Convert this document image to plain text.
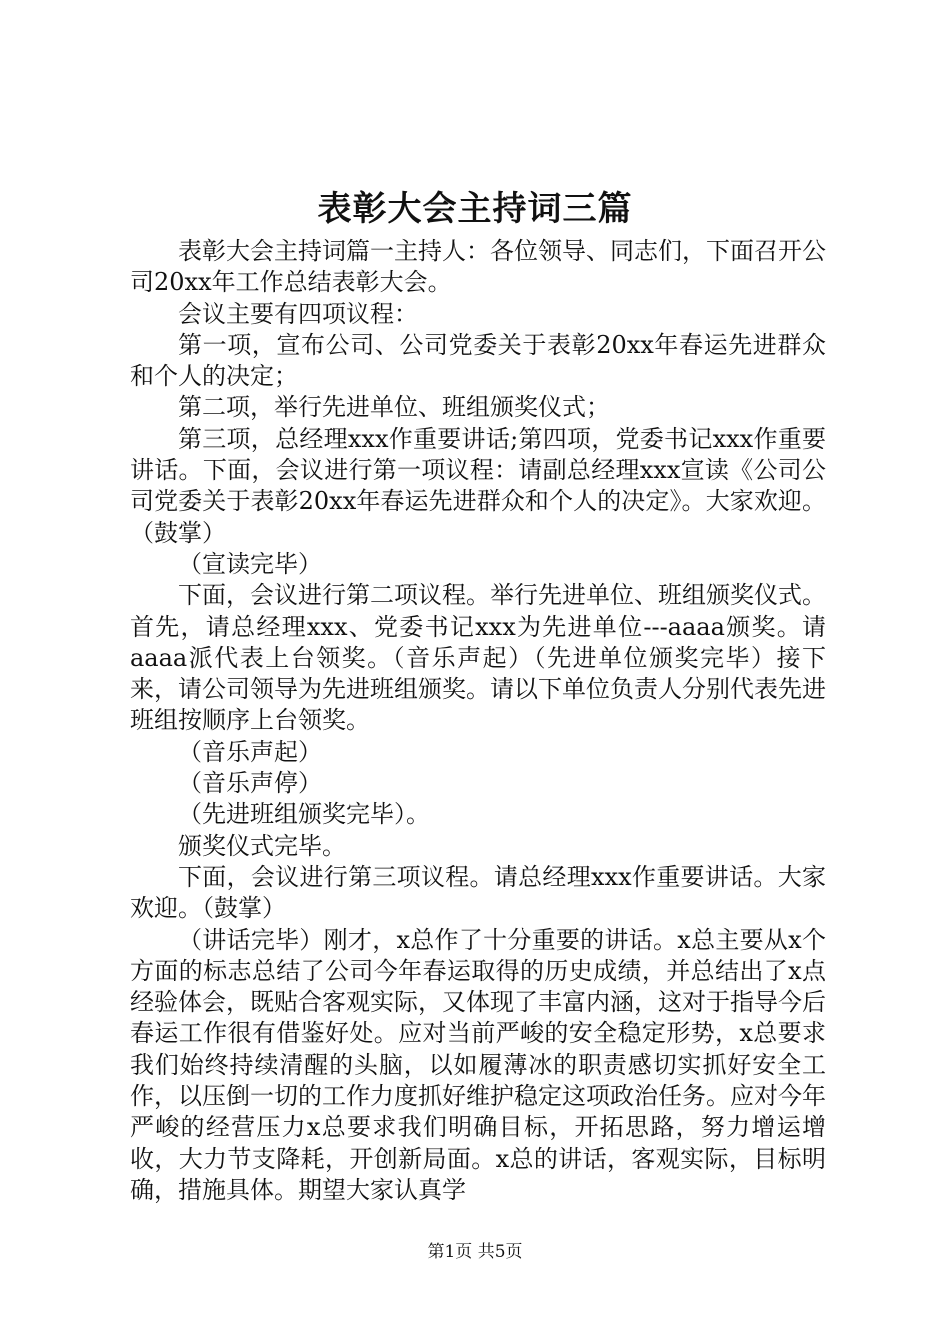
表彰大会主持词三篇

表彰大会主持词篇一主持人：各位领导、同志们，下面召开公司20xx年工作总结表彰大会。

会议主要有四项议程：

第一项，宣布公司、公司党委关于表彰20xx年春运先进群众和个人的决定；

第二项，举行先进单位、班组颁奖仪式；

第三项，总经理xxx作重要讲话;第四项，党委书记xxx作重要讲话。下面，会议进行第一项议程：请副总经理xxx宣读《公司公司党委关于表彰20xx年春运先进群众和个人的决定》。大家欢迎。（鼓掌）

（宣读完毕）

下面，会议进行第二项议程。举行先进单位、班组颁奖仪式。首先，请总经理xxx、党委书记xxx为先进单位---aaaa颁奖。请aaaa派代表上台领奖。（音乐声起）（先进单位颁奖完毕）接下来，请公司领导为先进班组颁奖。请以下单位负责人分别代表先进班组按顺序上台领奖。

（音乐声起）

（音乐声停）

（先进班组颁奖完毕）。

颁奖仪式完毕。

下面，会议进行第三项议程。请总经理xxx作重要讲话。大家欢迎。（鼓掌）

（讲话完毕）刚才，x总作了十分重要的讲话。x总主要从x个方面的标志总结了公司今年春运取得的历史成绩，并总结出了x点经验体会，既贴合客观实际，又体现了丰富内涵，这对于指导今后春运工作很有借鉴好处。应对当前严峻的安全稳定形势，x总要求我们始终持续清醒的头脑，以如履薄冰的职责感切实抓好安全工作，以压倒一切的工作力度抓好维护稳定这项政治任务。应对今年严峻的经营压力x总要求我们明确目标，开拓思路，努力增运增收，大力节支降耗，开创新局面。x总的讲话，客观实际，目标明确，措施具体。期望大家认真学

第1页 共5页
